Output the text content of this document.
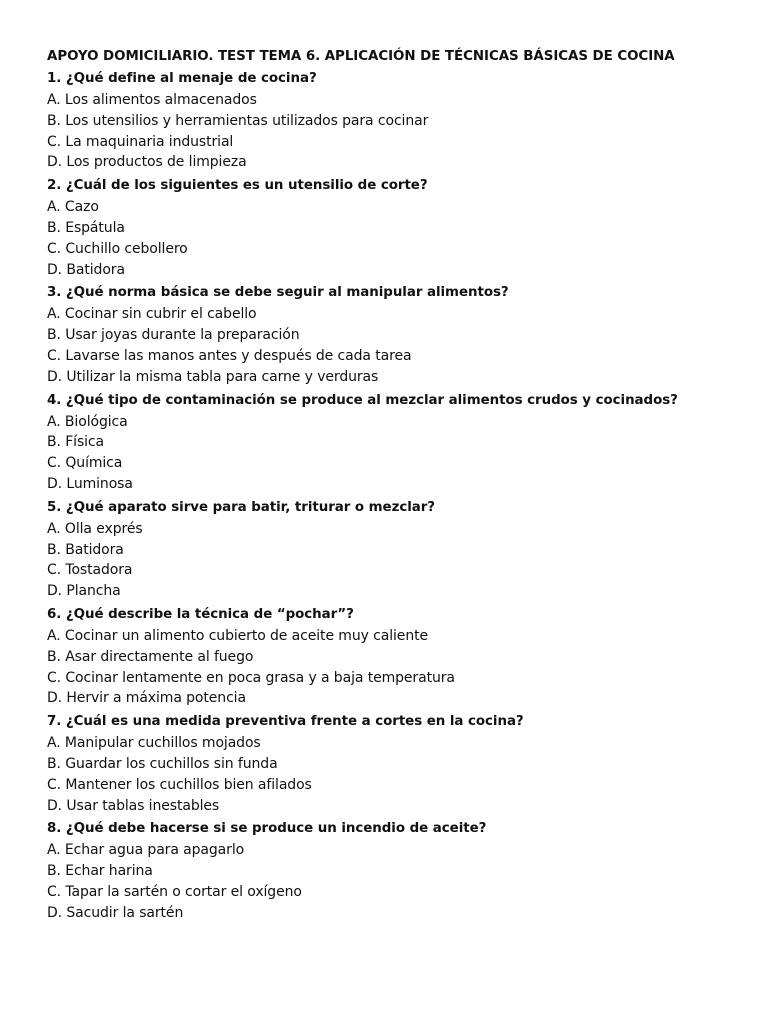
APOYO DOMICILIARIO. TEST TEMA 6. APLICACIÓN DE TÉCNICAS BÁSICAS DE COCINA
1. ¿Qué define al menaje de cocina?
A. Los alimentos almacenados
B. Los utensilios y herramientas utilizados para cocinar
C. La maquinaria industrial
D. Los productos de limpieza
2. ¿Cuál de los siguientes es un utensilio de corte?
A. Cazo
B. Espátula
C. Cuchillo cebollero
D. Batidora
3. ¿Qué norma básica se debe seguir al manipular alimentos?
A. Cocinar sin cubrir el cabello
B. Usar joyas durante la preparación
C. Lavarse las manos antes y después de cada tarea
D. Utilizar la misma tabla para carne y verduras
4. ¿Qué tipo de contaminación se produce al mezclar alimentos crudos y cocinados?
A. Biológica
B. Física
C. Química
D. Luminosa
5. ¿Qué aparato sirve para batir, triturar o mezclar?
A. Olla exprés
B. Batidora
C. Tostadora
D. Plancha
6. ¿Qué describe la técnica de “pochar”?
A. Cocinar un alimento cubierto de aceite muy caliente
B. Asar directamente al fuego
C. Cocinar lentamente en poca grasa y a baja temperatura
D. Hervir a máxima potencia
7. ¿Cuál es una medida preventiva frente a cortes en la cocina?
A. Manipular cuchillos mojados
B. Guardar los cuchillos sin funda
C. Mantener los cuchillos bien afilados
D. Usar tablas inestables
8. ¿Qué debe hacerse si se produce un incendio de aceite?
A. Echar agua para apagarlo
B. Echar harina
C. Tapar la sartén o cortar el oxígeno
D. Sacudir la sartén
